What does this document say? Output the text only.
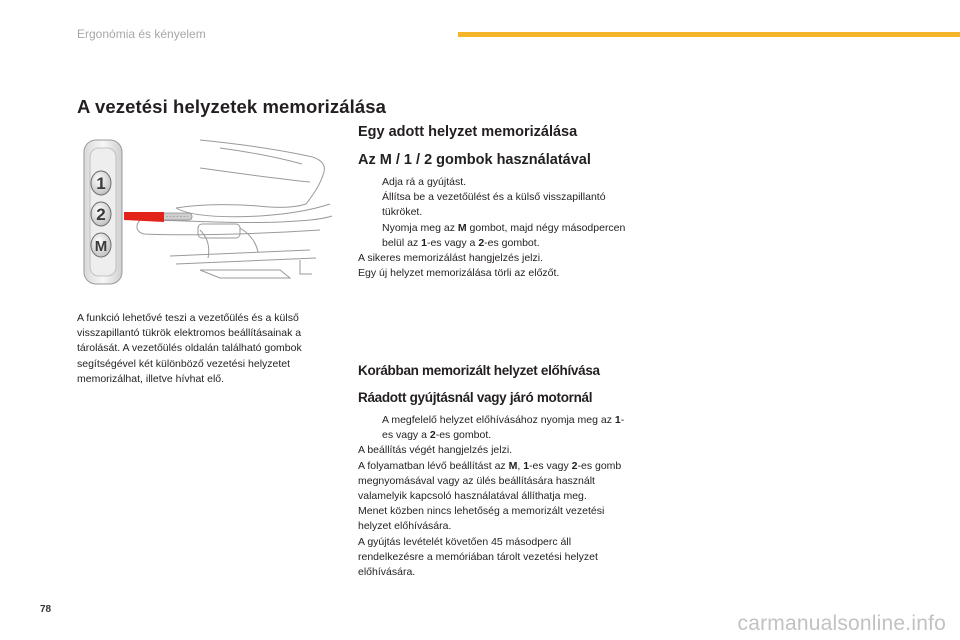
Ergonómia és kényelem
A vezetési helyzetek memorizálása
1
2
M
A funkció lehetővé teszi a vezetőülés és a külső visszapillantó tükrök elektromos beállításainak a tárolását. A vezetőülés oldalán található gombok segítségével két különböző vezetési helyzetet memorizálhat, illetve hívhat elő.
Egy adott helyzet memorizálása
Az M / 1 / 2 gombok használatával
Adja rá a gyújtást.
Állítsa be a vezetőülést és a külső visszapillantó tükröket.
Nyomja meg az M gombot, majd négy másodpercen belül az 1-es vagy a 2-es gombot.
A sikeres memorizálást hangjelzés jelzi.
Egy új helyzet memorizálása törli az előzőt.
Korábban memorizált helyzet előhívása
Ráadott gyújtásnál vagy járó motornál
A megfelelő helyzet előhívásához nyomja meg az 1-es vagy a 2-es gombot.
A beállítás végét hangjelzés jelzi.
A folyamatban lévő beállítást az M, 1-es vagy 2-es gomb megnyomásával vagy az ülés beállítására használt valamelyik kapcsoló használatával állíthatja meg.
Menet közben nincs lehetőség a memorizált vezetési helyzet előhívására.
A gyújtás levételét követően 45 másodperc áll rendelkezésre a memóriában tárolt vezetési helyzet előhívására.
78
carmanualsonline.info
